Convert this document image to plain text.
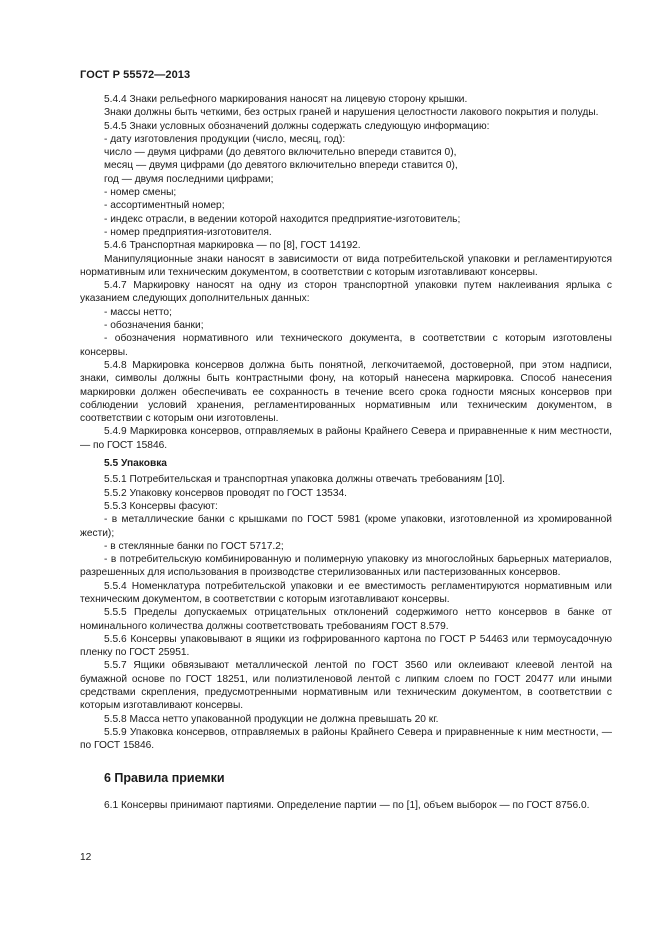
ГОСТ Р 55572—2013

5.4.4 Знаки рельефного маркирования наносят на лицевую сторону крышки.

Знаки должны быть четкими, без острых граней и нарушения целостности лакового покрытия и полуды.

5.4.5 Знаки условных обозначений должны содержать следующую информацию:

- дату изготовления продукции (число, месяц, год):

число — двумя цифрами (до девятого включительно впереди ставится 0),

месяц — двумя цифрами (до девятого включительно впереди ставится 0),

год — двумя последними цифрами;

- номер смены;

- ассортиментный номер;

- индекс отрасли, в ведении которой находится предприятие-изготовитель;

- номер предприятия-изготовителя.

5.4.6 Транспортная маркировка — по [8], ГОСТ 14192.

Манипуляционные знаки наносят в зависимости от вида потребительской упаковки и регламентируются нормативным или техническим документом, в соответствии с которым изготавливают консервы.

5.4.7 Маркировку наносят на одну из сторон транспортной упаковки путем наклеивания ярлыка с указанием следующих дополнительных данных:

- массы нетто;

- обозначения банки;

- обозначения нормативного или технического документа, в соответствии с которым изготовлены консервы.

5.4.8 Маркировка консервов должна быть понятной, легкочитаемой, достоверной, при этом надписи, знаки, символы должны быть контрастными фону, на который нанесена маркировка. Способ нанесения маркировки должен обеспечивать ее сохранность в течение всего срока годности мясных консервов при соблюдении условий хранения, регламентированных нормативным или техническим документом, в соответствии с которым они изготовлены.

5.4.9 Маркировка консервов, отправляемых в районы Крайнего Севера и приравненные к ним местности, — по ГОСТ 15846.

5.5 Упаковка

5.5.1 Потребительская и транспортная упаковка должны отвечать требованиям [10].

5.5.2 Упаковку консервов проводят по ГОСТ 13534.

5.5.3 Консервы фасуют:

- в металлические банки с крышками по ГОСТ 5981 (кроме упаковки, изготовленной из хромированной жести);

- в стеклянные банки по ГОСТ 5717.2;

- в потребительскую комбинированную и полимерную упаковку из многослойных барьерных материалов, разрешенных для использования в производстве стерилизованных или пастеризованных консервов.

5.5.4 Номенклатура потребительской упаковки и ее вместимость регламентируются нормативным или техническим документом, в соответствии с которым изготавливают консервы.

5.5.5 Пределы допускаемых отрицательных отклонений содержимого нетто консервов в банке от номинального количества должны соответствовать требованиям ГОСТ 8.579.

5.5.6 Консервы упаковывают в ящики из гофрированного картона по ГОСТ Р 54463 или термоусадочную пленку по ГОСТ 25951.

5.5.7 Ящики обвязывают металлической лентой по ГОСТ 3560 или оклеивают клеевой лентой на бумажной основе по ГОСТ 18251, или полиэтиленовой лентой с липким слоем по ГОСТ 20477 или иными средствами скрепления, предусмотренными нормативным или техническим документом, в соответствии с которым изготавливают консервы.

5.5.8 Масса нетто упакованной продукции не должна превышать 20 кг.

5.5.9 Упаковка консервов, отправляемых в районы Крайнего Севера и приравненные к ним местности, — по ГОСТ 15846.

6 Правила приемки

6.1 Консервы принимают партиями. Определение партии — по [1], объем выборок — по ГОСТ 8756.0.

12
